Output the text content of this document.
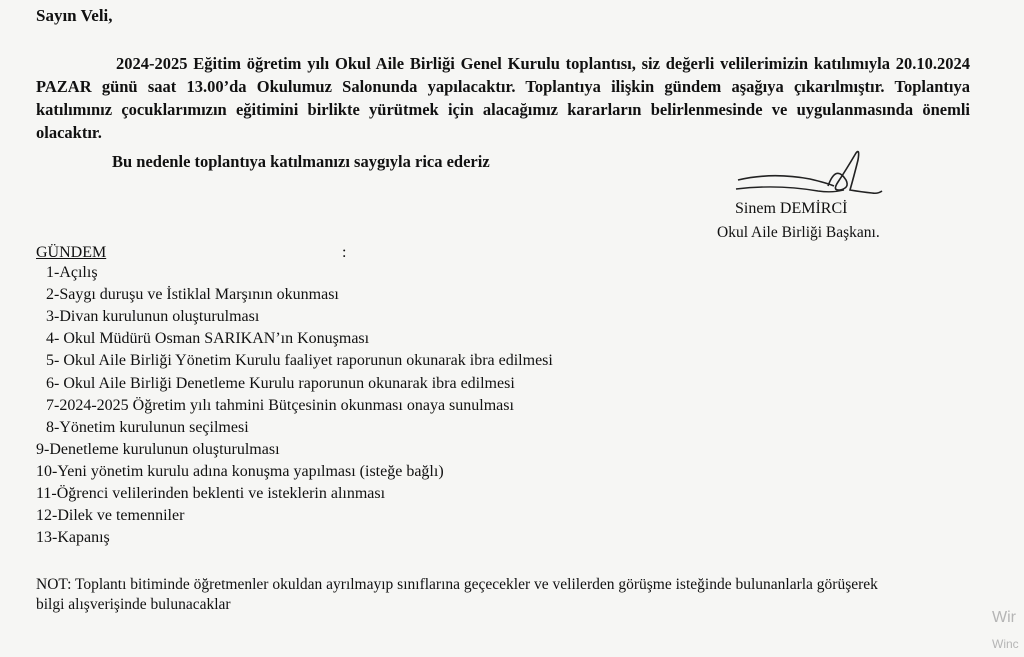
Sayın Veli,

2024-2025 Eğitim öğretim yılı Okul Aile Birliği Genel Kurulu toplantısı, siz değerli velilerimizin katılımıyla 20.10.2024 PAZAR günü saat 13.00’da Okulumuz Salonunda yapılacaktır. Toplantıya ilişkin gündem aşağıya çıkarılmıştır. Toplantıya katılımınız çocuklarımızın eğitimini birlikte yürütmek için alacağımız kararların belirlenmesinde ve uygulanmasında önemli olacaktır.

Bu nedenle toplantıya katılmanızı saygıyla rica ederiz
Sinem DEMİRCİ
Okul Aile Birliği Başkanı.
GÜNDEM	:
1-Açılış
2-Saygı duruşu ve İstiklal Marşının okunması
3-Divan kurulunun oluşturulması
4- Okul Müdürü Osman SARIKAN’ın Konuşması
5- Okul Aile Birliği Yönetim Kurulu faaliyet raporunun okunarak ibra edilmesi
6- Okul Aile Birliği Denetleme Kurulu raporunun okunarak ibra edilmesi
7-2024-2025 Öğretim yılı tahmini Bütçesinin okunması onaya sunulması
8-Yönetim kurulunun seçilmesi
9-Denetleme kurulunun oluşturulması
10-Yeni yönetim kurulu adına konuşma yapılması (isteğe bağlı)
11-Öğrenci velilerinden beklenti ve isteklerin alınması
12-Dilek ve temenniler
13-Kapanış

NOT: Toplantı bitiminde öğretmenler okuldan ayrılmayıp sınıflarına geçecekler ve velilerden görüşme isteğinde bulunanlarla görüşerek bilgi alışverişinde bulunacaklar

Wir
Winc
